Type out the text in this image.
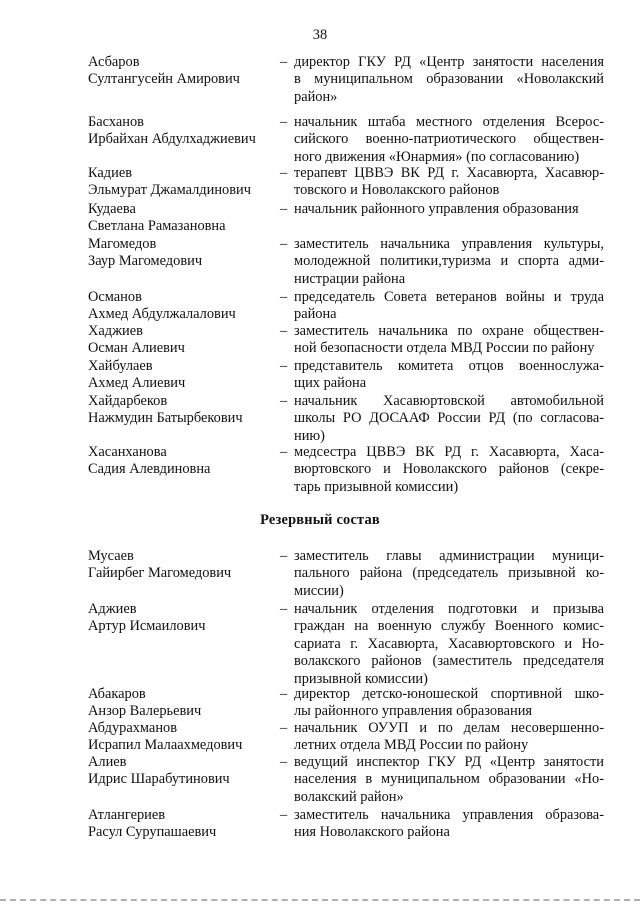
38
Асбаров
Султангусейн Амирович
– директор ГКУ РД «Центр занятости населения
в муниципальном образовании «Новолакский
район»
Басханов
Ирбайхан Абдулхаджиевич
– начальник штаба местного отделения Всерос-
сийского военно-патриотического обществен-
ного движения «Юнармия» (по согласованию)
Кадиев
Эльмурат Джамалдинович
– терапевт ЦВВЭ ВК РД г. Хасавюрта, Хасавюр-
товского и Новолакского районов
Кудаева
Светлана Рамазановна
– начальник районного управления образования
Магомедов
Заур Магомедович
– заместитель начальника управления культуры,
молодежной политики,туризма и спорта адми-
нистрации района
Османов
Ахмед Абдулжалалович
– председатель Совета ветеранов войны и труда
района
Хаджиев
Осман Алиевич
– заместитель начальника по охране обществен-
ной безопасности отдела МВД России по району
Хайбулаев
Ахмед Алиевич
– представитель комитета отцов военнослужа-
щих района
Хайдарбеков
Нажмудин Батырбекович
– начальник Хасавюртовской автомобильной
школы РО ДОСААФ России РД (по согласова-
нию)
Хасанханова
Садия Алевдиновна
– медсестра ЦВВЭ ВК РД г. Хасавюрта, Хаса-
вюртовского и Новолакского районов (секре-
тарь призывной комиссии)
Резервный состав
Мусаев
Гайирбег Магомедович
– заместитель главы администрации муници-
пального района (председатель призывной ко-
миссии)
Аджиев
Артур Исмаилович
– начальник отделения подготовки и призыва
граждан на военную службу Военного комис-
сариата г. Хасавюрта, Хасавюртовского и Но-
волакского районов (заместитель председателя
призывной комиссии)
Абакаров
Анзор Валерьевич
– директор детско-юношеской спортивной шко-
лы районного управления образования
Абдурахманов
Исрапил Малаахмедович
– начальник ОУУП и по делам несовершенно-
летних отдела МВД России по району
Алиев
Идрис Шарабутинович
– ведущий инспектор ГКУ РД «Центр занятости
населения в муниципальном образовании «Но-
волакский район»
Атлангериев
Расул Сурупашаевич
– заместитель начальника управления образова-
ния Новолакского района
